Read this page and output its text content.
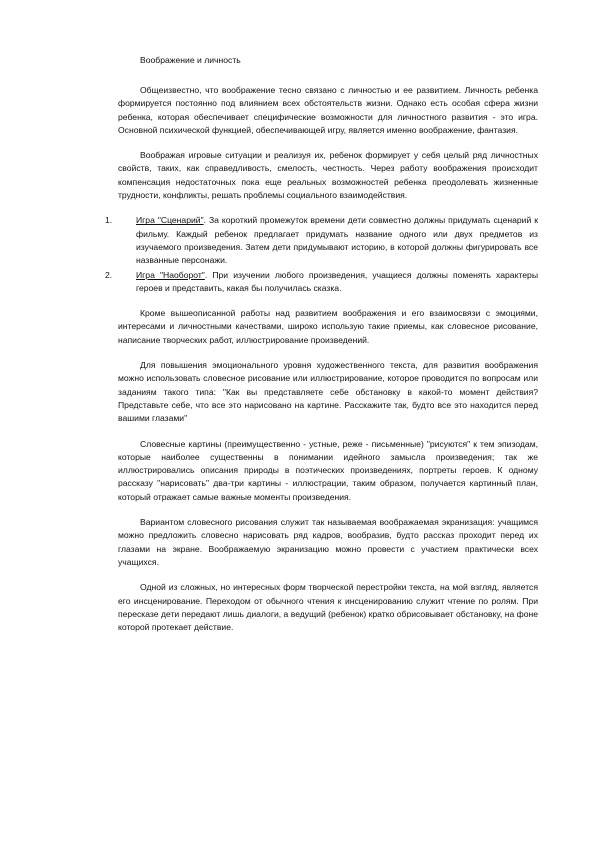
Воображение и личность

Общеизвестно, что воображение тесно связано с личностью и ее развитием. Личность ребенка формируется постоянно под влиянием всех обстоятельств жизни. Однако есть особая сфера жизни ребенка, которая обеспечивает специфические возможности для личностного развития - это игра. Основной психической функцией, обеспечивающей игру, является именно воображение, фантазия.

Воображая игровые ситуации и реализуя их, ребенок формирует у себя целый ряд личностных свойств, таких, как справедливость, смелость, честность. Через работу воображения происходит компенсация недостаточных пока еще реальных возможностей ребенка преодолевать жизненные трудности, конфликты, решать проблемы социального взаимодействия.

1.	Игра "Сценарий". За короткий промежуток времени дети совместно должны придумать сценарий к фильму. Каждый ребенок предлагает придумать название одного или двух предметов из изучаемого произведения. Затем дети придумывают историю, в которой должны фигурировать все названные персонажи.
2.	Игра "Наоборот". При изучении любого произведения, учащиеся должны поменять характеры героев и представить, какая бы получилась сказка.

Кроме вышеописанной работы над развитием воображения и его взаимосвязи с эмоциями, интересами и личностными качествами, широко использую такие приемы, как словесное рисование, написание творческих работ, иллюстрирование произведений.

Для повышения эмоционального уровня художественного текста, для развития воображения можно использовать словесное рисование или иллюстрирование, которое проводится по вопросам или заданиям такого типа: "Как вы представляете себе обстановку в какой-то момент действия? Представьте себе, что все это нарисовано на картине. Расскажите так, будто все это находится перед вашими глазами"

Словесные картины (преимущественно - устные, реже - письменные) "рисуются" к тем эпизодам, которые наиболее существенны в понимании идейного замысла произведения; так же иллюстрировались описания природы в поэтических произведениях, портреты героев. К одному рассказу "нарисовать" два-три картины - иллюстрации, таким образом, получается картинный план, который отражает самые важные моменты произведения.

Вариантом словесного рисования служит так называемая воображаемая экранизация: учащимся можно предложить словесно нарисовать ряд кадров, вообразив, будто рассказ проходит перед их глазами на экране. Воображаемую экранизацию можно провести с участием практически всех учащихся.

Одной из сложных, но интересных форм творческой перестройки текста, на мой взгляд, является его инсценирование. Переходом от обычного чтения к инсценированию служит чтение по ролям. При пересказе дети передают лишь диалоги, а ведущий (ребенок) кратко обрисовывает обстановку, на фоне которой протекает действие.
